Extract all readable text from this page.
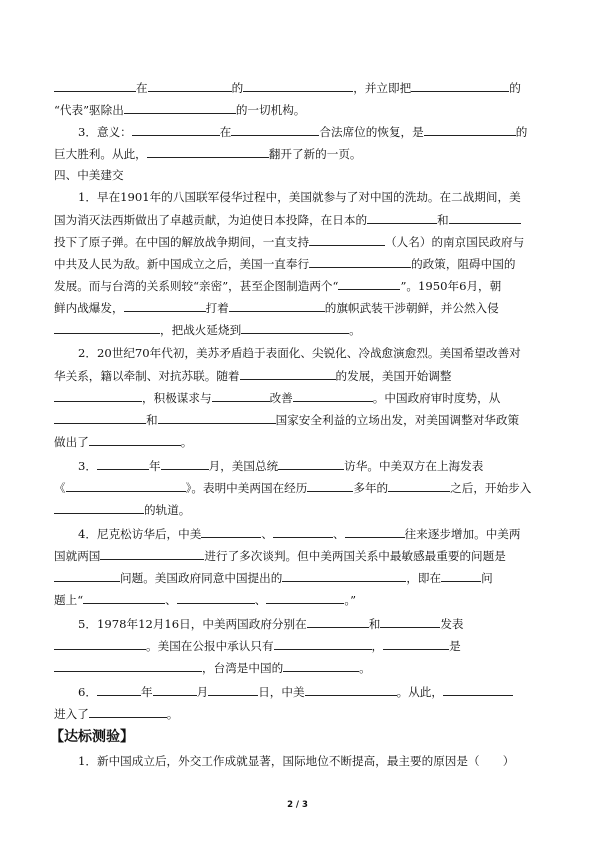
在	的	，并立即把	的
“代表”驱除出	的一切机构。
3．意义：	在	合法席位的恢复，是	的
巨大胜利。从此，	翻开了新的一页。
四、中美建交
1．早在1901年的八国联军侵华过程中，美国就参与了对中国的洗劫。在二战期间，美
国为消灭法西斯做出了卓越贡献，为迫使日本投降，在日本的	和
投下了原子弹。在中国的解放战争期间，一直支持	（人名）的南京国民政府与
中共及人民为敌。新中国成立之后，美国一直奉行	的政策，阻碍中国的
发展。而与台湾的关系则较“亲密”，甚至企图制造两个“	”。1950年6月，朝
鲜内战爆发，	打着	的旗帜武装干涉朝鲜，并公然入侵
，把战火延烧到	。
2．20世纪70年代初，美苏矛盾趋于表面化、尖锐化、冷战愈演愈烈。美国希望改善对
华关系，籍以牵制、对抗苏联。随着	的发展，美国开始调整
，积极谋求与	改善	。中国政府审时度势，从
和	国家安全利益的立场出发，对美国调整对华政策
做出了	。
3．	年	月，美国总统	访华。中美双方在上海发表
《	》。表明中美两国在经历	多年的	之后，开始步入
的轨道。
4．尼克松访华后，中美	、	、	往来逐步增加。中美两
国就两国	进行了多次谈判。但中美两国关系中最敏感最重要的问题是
问题。美国政府同意中国提出的	，即在	问
题上“	、	、	。”
5．1978年12月16日，中美两国政府分别在	和	发表
。美国在公报中承认只有	，	是
，台湾是中国的	。
6．	年	月	日，中美	。从此，
进入了	。
【达标测验】
1．新中国成立后，外交工作成就显著，国际地位不断提高，最主要的原因是（　　）
2 / 3
